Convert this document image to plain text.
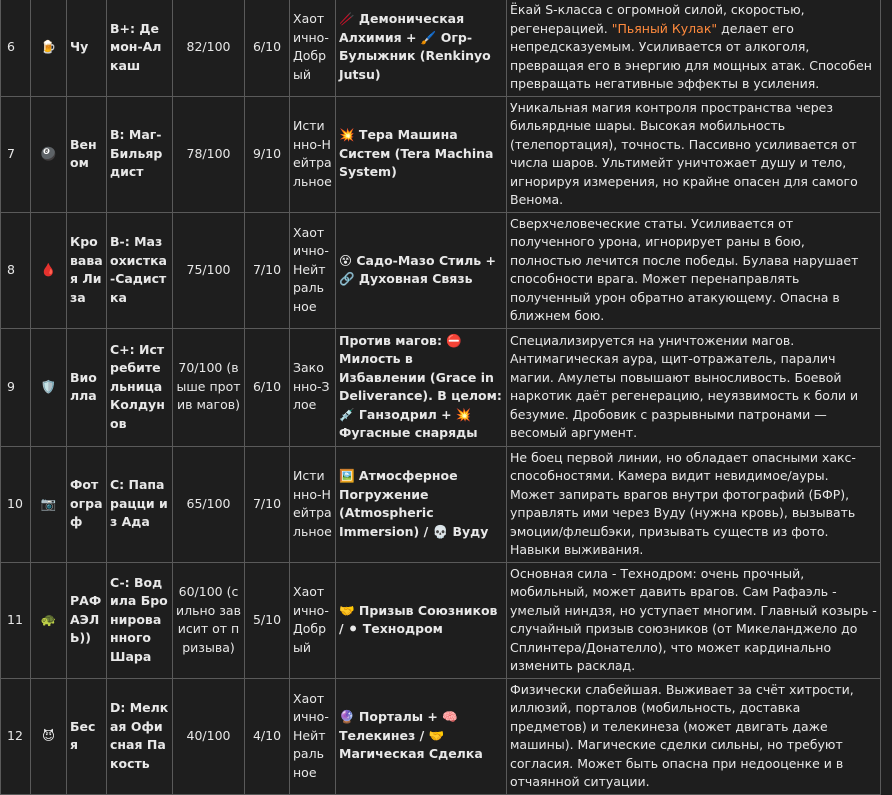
6	🍺	Чу	B+: Демон-Алкаш	82/100	6/10	Хаотично-Добрый	🥢 Демоническая Алхимия + 🖌️ Огр-Булыжник (Renkinyo Jutsu)	Ёкай S-класса с огромной силой, скоростью, регенерацией. "Пьяный Кулак" делает его непредсказуемым. Усиливается от алкоголя, превращая его в энергию для мощных атак. Способен превращать негативные эффекты в усиления.
7	🎱	Веном	B: Маг-Бильярдист	78/100	9/10	Истинно-Нейтральное	💥 Тера Машина Систем (Tera Machina System)	Уникальная магия контроля пространства через бильярдные шары. Высокая мобильность (телепортация), точность. Пассивно усиливается от числа шаров. Ультимейт уничтожает душу и тело, игнорируя измерения, но крайне опасен для самого Венома.
8	🩸	Кровавая Лиза	B-: Мазохистка-Садистка	75/100	7/10	Хаотично-Нейтральное	😵 Садо-Мазо Стиль + 🔗 Духовная Связь	Сверхчеловеческие статы. Усиливается от полученного урона, игнорирует раны в бою, полностью лечится после победы. Булава нарушает способности врага. Может перенаправлять полученный урон обратно атакующему. Опасна в ближнем бою.
9	🛡️	Виолла	C+: Истребительница Колдунов	70/100 (выше против магов)	6/10	Законно-Злое	Против магов: ⛔ Милость в Избавлении (Grace in Deliverance). В целом: 💉 Ганзодрил + 💥 Фугасные снаряды	Специализируется на уничтожении магов. Антимагическая аура, щит-отражатель, паралич магии. Амулеты повышают выносливость. Боевой наркотик даёт регенерацию, неуязвимость к боли и безумие. Дробовик с разрывными патронами — весомый аргумент.
10	📷	Фотограф	C: Папарацци из Ада	65/100	7/10	Истинно-Нейтральное	🖼️ Атмосферное Погружение (Atmospheric Immersion) / 💀 Вуду	Не боец первой линии, но обладает опасными хакс-способностями. Камера видит невидимое/ауры. Может запирать врагов внутри фотографий (БФР), управлять ими через Вуду (нужна кровь), вызывать эмоции/флешбэки, призывать существ из фото. Навыки выживания.
11	🐢	РАФАЭЛЬ))	C-: Водила Бронированного Шара	60/100 (сильно зависит от призыва)	5/10	Хаотично-Добрый	🤝 Призыв Союзников / ⚫ Технодром	Основная сила - Технодром: очень прочный, мобильный, может давить врагов. Сам Рафаэль - умелый ниндзя, но уступает многим. Главный козырь - случайный призыв союзников (от Микеланджело до Сплинтера/Донателло), что может кардинально изменить расклад.
12	😈	Беся	D: Мелкая Офисная Пакость	40/100	4/10	Хаотично-Нейтральное	🔮 Порталы + 🧠 Телекинез / 🤝 Магическая Сделка	Физически слабейшая. Выживает за счёт хитрости, иллюзий, порталов (мобильность, доставка предметов) и телекинеза (может двигать даже машины). Магические сделки сильны, но требуют согласия. Может быть опасна при недооценке и в отчаянной ситуации.
